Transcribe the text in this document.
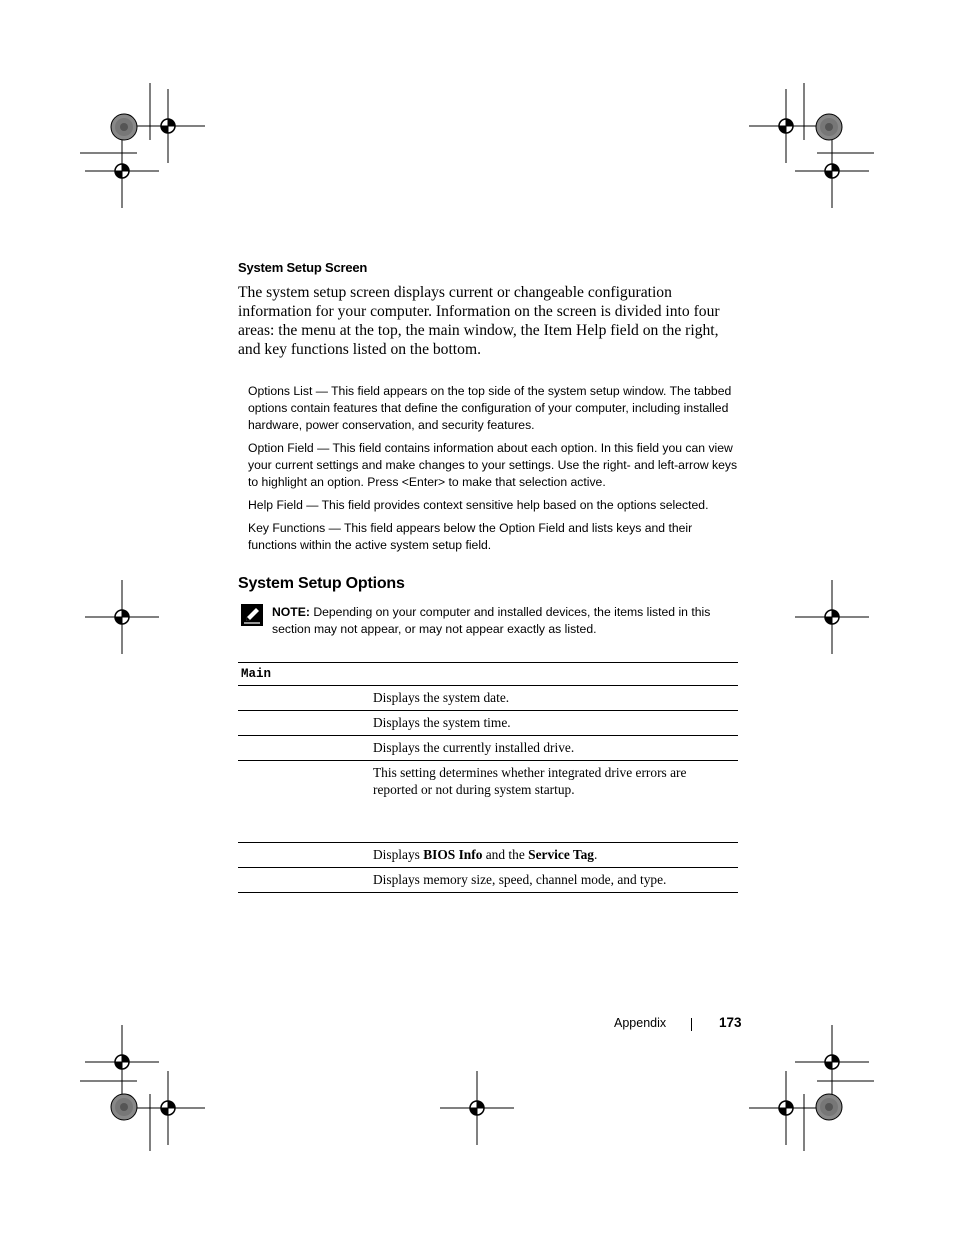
System Setup Screen
The system setup screen displays current or changeable configuration information for your computer. Information on the screen is divided into four areas: the menu at the top, the main window, the Item Help field on the right, and key functions listed on the bottom.

Options List — This field appears on the top side of the system setup window. The tabbed options contain features that define the configuration of your computer, including installed hardware, power conservation, and security features.

Option Field — This field contains information about each option. In this field you can view your current settings and make changes to your settings. Use the right- and left-arrow keys to highlight an option. Press <Enter> to make that selection active.

Help Field — This field provides context sensitive help based on the options selected.

Key Functions — This field appears below the Option Field and lists keys and their functions within the active system setup field.

System Setup Options
NOTE: Depending on your computer and installed devices, the items listed in this section may not appear, or may not appear exactly as listed.
Main
Displays the system date.
Displays the system time.
Displays the currently installed drive.
This setting determines whether integrated drive errors are reported or not during system startup.
Displays BIOS Info and the Service Tag.
Displays memory size, speed, channel mode, and type.
Appendix	173
